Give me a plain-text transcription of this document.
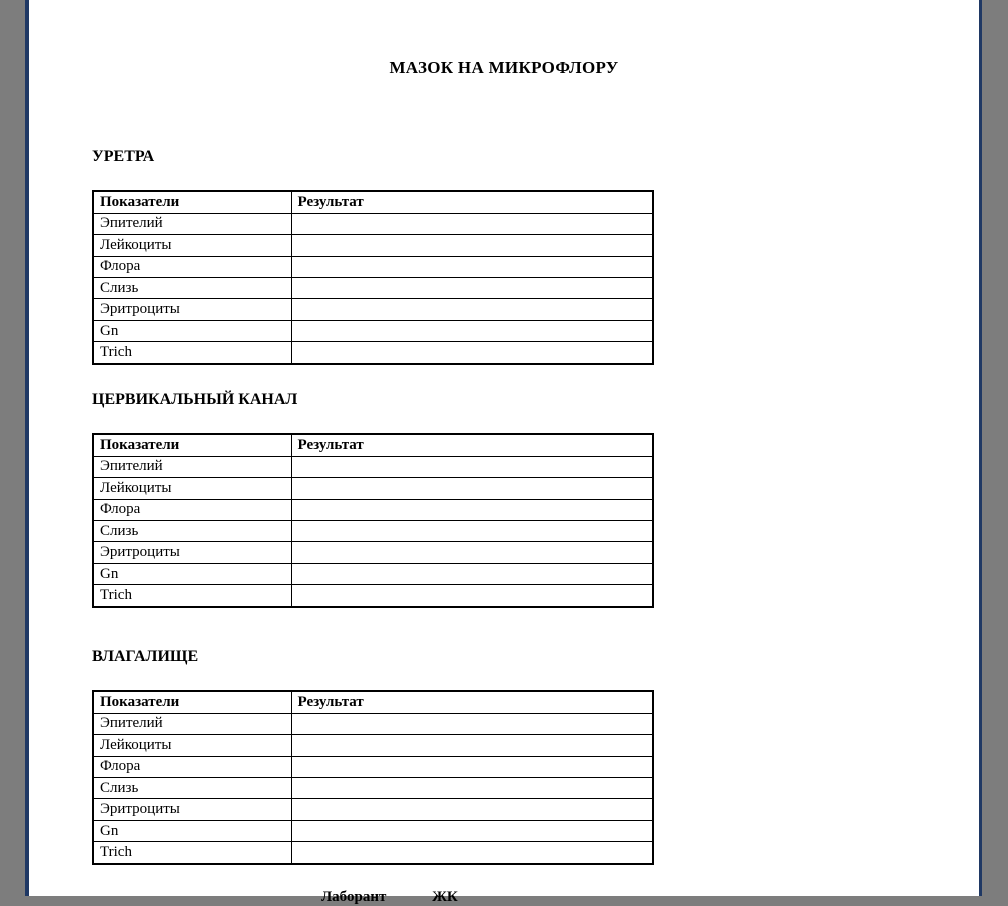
МАЗОК НА МИКРОФЛОРУ
УРЕТРА
Показатели	Результат
Эпителий	
Лейкоциты	
Флора	
Слизь	
Эритроциты	
Gn	
Trich	
ЦЕРВИКАЛЬНЫЙ КАНАЛ
Показатели	Результат
Эпителий	
Лейкоциты	
Флора	
Слизь	
Эритроциты	
Gn	
Trich	
ВЛАГАЛИЩЕ
Показатели	Результат
Эпителий	
Лейкоциты	
Флора	
Слизь	
Эритроциты	
Gn	
Trich	
Лаборант ЖК
